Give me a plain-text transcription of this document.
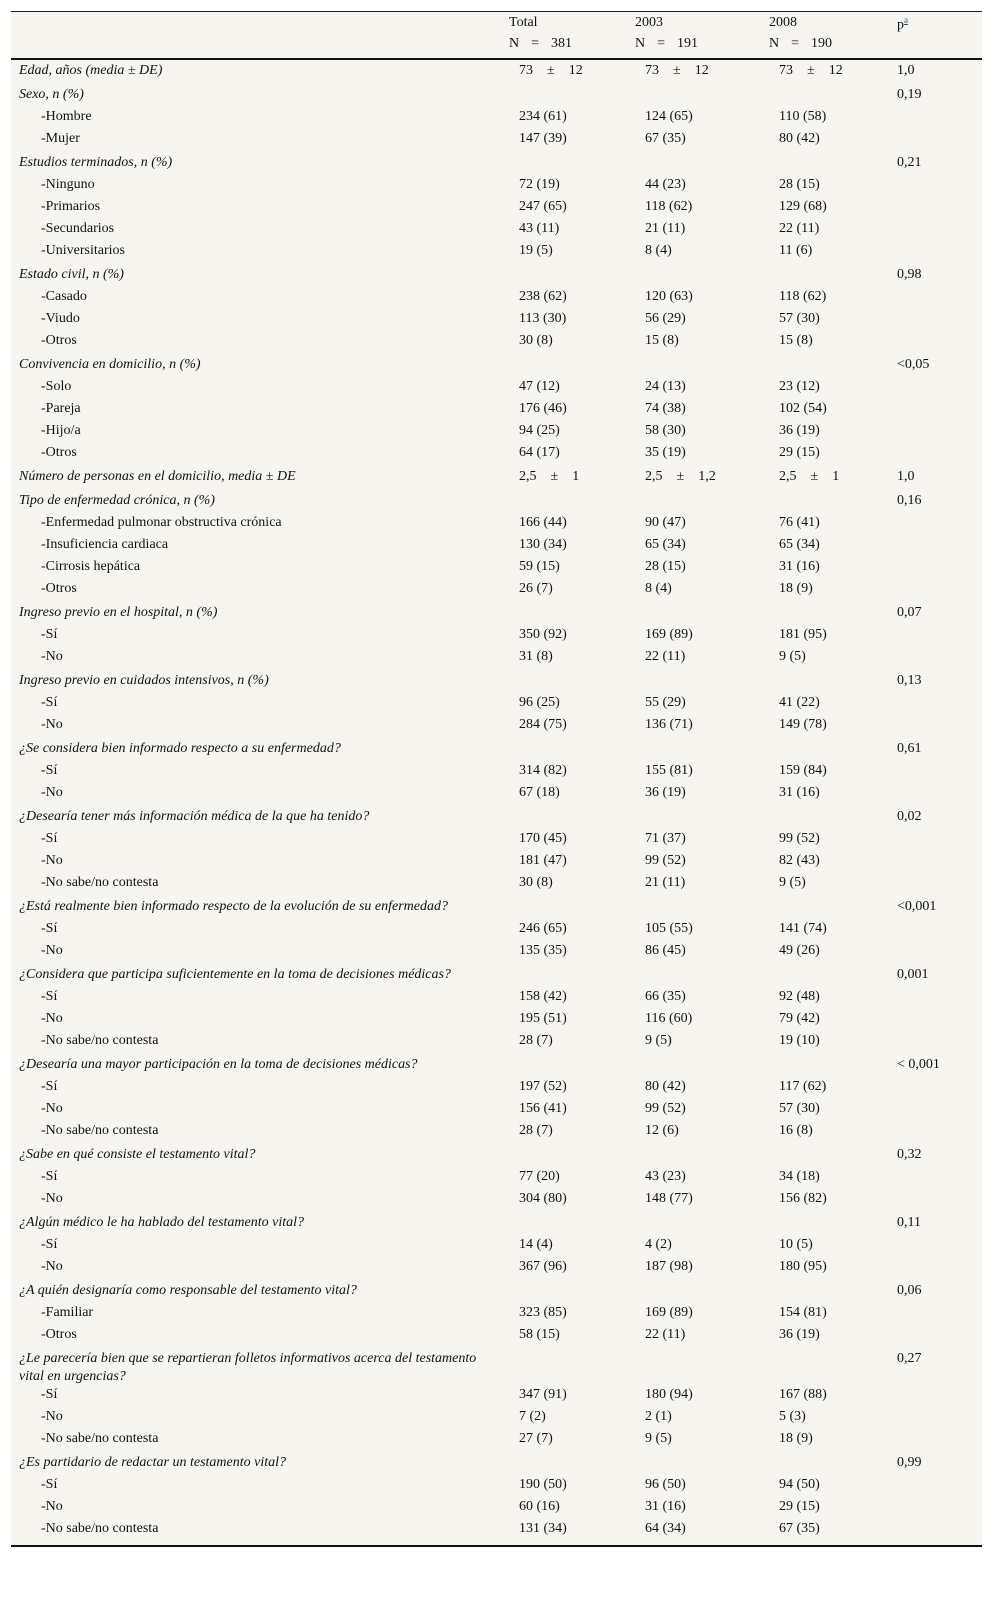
	Total	2003	2008	$p^a$
	N = 381	N = 191	N = 190	
Edad, años (media ± DE)	73 ± 12	73 ± 12	73 ± 12	1,0
Sexo, n (%)				0,19
-Hombre	234 (61)	124 (65)	110 (58)	
-Mujer	147 (39)	67 (35)	80 (42)	
Estudios terminados, n (%)				0,21
-Ninguno	72 (19)	44 (23)	28 (15)	
-Primarios	247 (65)	118 (62)	129 (68)	
-Secundarios	43 (11)	21 (11)	22 (11)	
-Universitarios	19 (5)	8 (4)	11 (6)	
Estado civil, n (%)				0,98
-Casado	238 (62)	120 (63)	118 (62)	
-Viudo	113 (30)	56 (29)	57 (30)	
-Otros	30 (8)	15 (8)	15 (8)	
Convivencia en domicilio, n (%)				<0,05
-Solo	47 (12)	24 (13)	23 (12)	
-Pareja	176 (46)	74 (38)	102 (54)	
-Hijo/a	94 (25)	58 (30)	36 (19)	
-Otros	64 (17)	35 (19)	29 (15)	
Número de personas en el domicilio, media ± DE	2,5 ± 1	2,5 ± 1,2	2,5 ± 1	1,0
Tipo de enfermedad crónica, n (%)				0,16
-Enfermedad pulmonar obstructiva crónica	166 (44)	90 (47)	76 (41)	
-Insuficiencia cardiaca	130 (34)	65 (34)	65 (34)	
-Cirrosis hepática	59 (15)	28 (15)	31 (16)	
-Otros	26 (7)	8 (4)	18 (9)	
Ingreso previo en el hospital, n (%)				0,07
-Sí	350 (92)	169 (89)	181 (95)	
-No	31 (8)	22 (11)	9 (5)	
Ingreso previo en cuidados intensivos, n (%)				0,13
-Sí	96 (25)	55 (29)	41 (22)	
-No	284 (75)	136 (71)	149 (78)	
¿Se considera bien informado respecto a su enfermedad?				0,61
-Sí	314 (82)	155 (81)	159 (84)	
-No	67 (18)	36 (19)	31 (16)	
¿Desearía tener más información médica de la que ha tenido?				0,02
-Sí	170 (45)	71 (37)	99 (52)	
-No	181 (47)	99 (52)	82 (43)	
-No sabe/no contesta	30 (8)	21 (11)	9 (5)	
¿Está realmente bien informado respecto de la evolución de su enfermedad?				<0,001
-Sí	246 (65)	105 (55)	141 (74)	
-No	135 (35)	86 (45)	49 (26)	
¿Considera que participa suficientemente en la toma de decisiones médicas?				0,001
-Sí	158 (42)	66 (35)	92 (48)	
-No	195 (51)	116 (60)	79 (42)	
-No sabe/no contesta	28 (7)	9 (5)	19 (10)	
¿Desearía una mayor participación en la toma de decisiones médicas?				< 0,001
-Sí	197 (52)	80 (42)	117 (62)	
-No	156 (41)	99 (52)	57 (30)	
-No sabe/no contesta	28 (7)	12 (6)	16 (8)	
¿Sabe en qué consiste el testamento vital?				0,32
-Sí	77 (20)	43 (23)	34 (18)	
-No	304 (80)	148 (77)	156 (82)	
¿Algún médico le ha hablado del testamento vital?				0,11
-Sí	14 (4)	4 (2)	10 (5)	
-No	367 (96)	187 (98)	180 (95)	
¿A quién designaría como responsable del testamento vital?				0,06
-Familiar	323 (85)	169 (89)	154 (81)	
-Otros	58 (15)	22 (11)	36 (19)	
¿Le parecería bien que se repartieran folletos informativos acerca del testamento vital en urgencias?				0,27
-Sí	347 (91)	180 (94)	167 (88)	
-No	7 (2)	2 (1)	5 (3)	
-No sabe/no contesta	27 (7)	9 (5)	18 (9)	
¿Es partidario de redactar un testamento vital?				0,99
-Sí	190 (50)	96 (50)	94 (50)	
-No	60 (16)	31 (16)	29 (15)	
-No sabe/no contesta	131 (34)	64 (34)	67 (35)	
